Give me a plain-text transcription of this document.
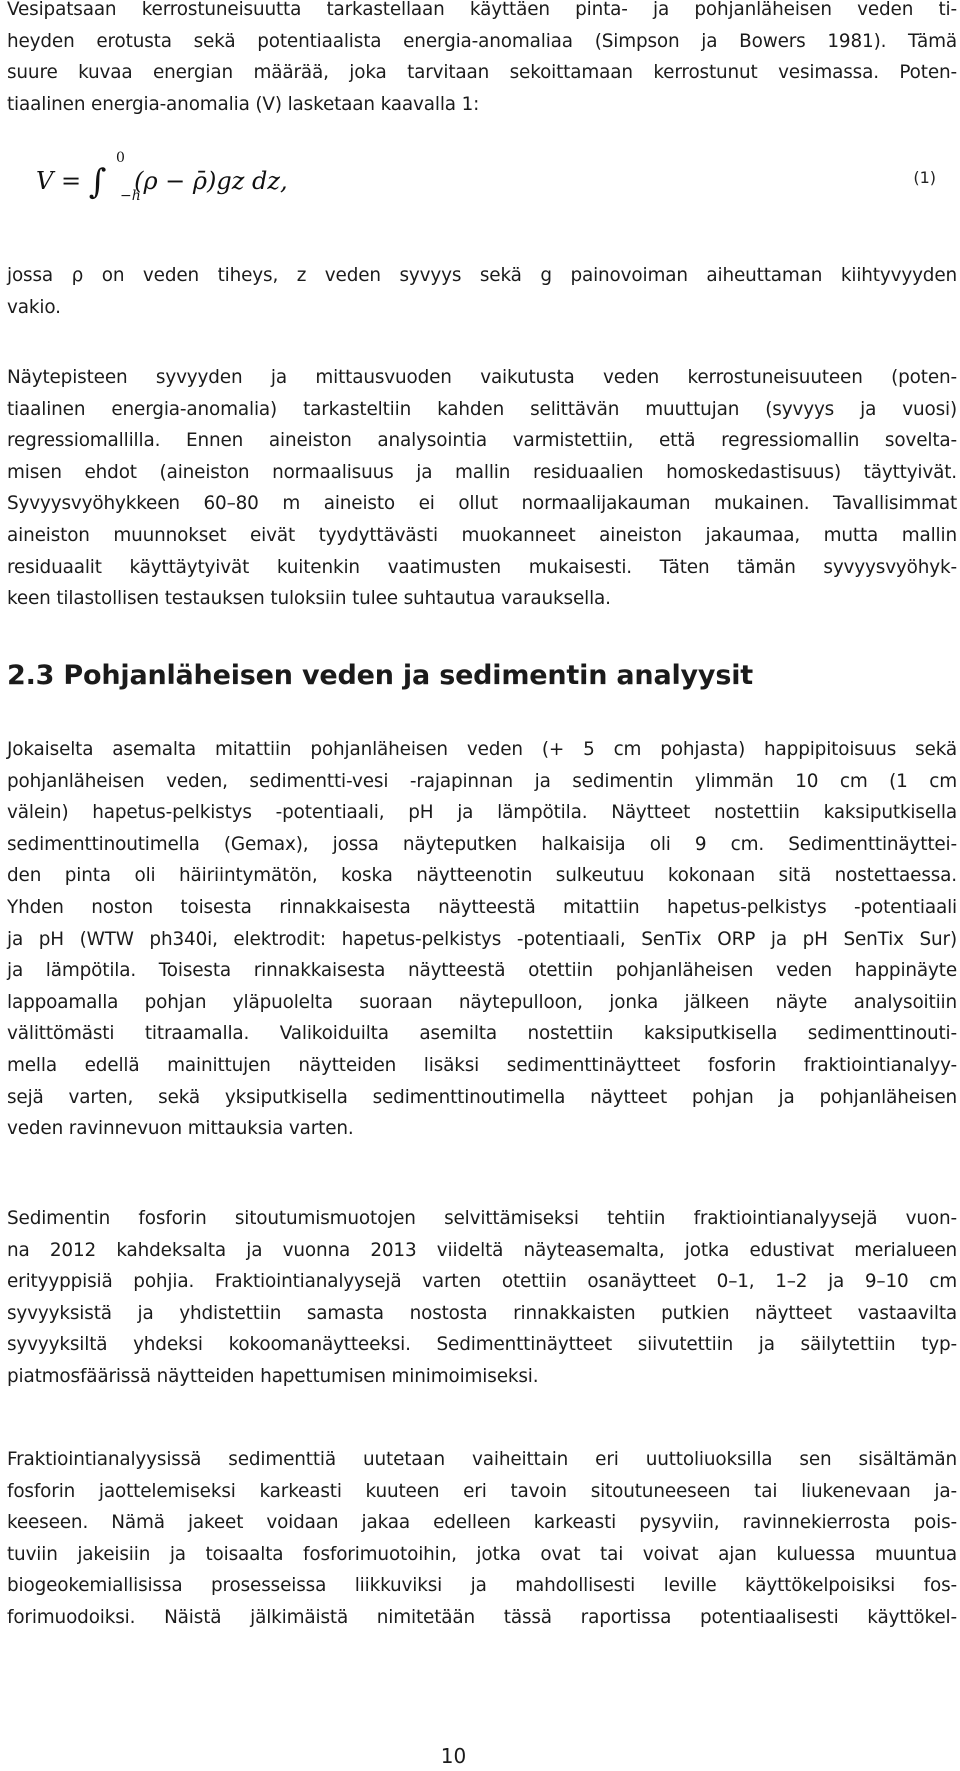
Vesipatsaan kerrostuneisuutta tarkastellaan käyttäen pinta- ja pohjanläheisen veden ti-
heyden erotusta sekä potentiaalista energia-anomaliaa (Simpson ja Bowers 1981). Tämä
suure kuvaa energian määrää, joka tarvitaan sekoittamaan kerrostunut vesimassa. Poten-
tiaalinen energia-anomalia (V) lasketaan kaavalla 1:
V = ∫
0
−h
(ρ − ρ̄)gz dz,	(1)
jossa ρ on veden tiheys, z veden syvyys sekä g painovoiman aiheuttaman kiihtyvyyden
vakio.
Näytepisteen syvyyden ja mittausvuoden vaikutusta veden kerrostuneisuuteen (poten-
tiaalinen energia-anomalia) tarkasteltiin kahden selittävän muuttujan (syvyys ja vuosi)
regressiomallilla. Ennen aineiston analysointia varmistettiin, että regressiomallin sovelta-
misen ehdot (aineiston normaalisuus ja mallin residuaalien homoskedastisuus) täyttyivät.
Syvyysvyöhykkeen 60–80 m aineisto ei ollut normaalijakauman mukainen. Tavallisimmat
aineiston muunnokset eivät tyydyttävästi muokanneet aineiston jakaumaa, mutta mallin
residuaalit käyttäytyivät kuitenkin vaatimusten mukaisesti. Täten tämän syvyysvyöhyk-
keen tilastollisen testauksen tuloksiin tulee suhtautua varauksella.
2.3 Pohjanläheisen veden ja sedimentin analyysit
Jokaiselta asemalta mitattiin pohjanläheisen veden (+ 5 cm pohjasta) happipitoisuus sekä
pohjanläheisen veden, sedimentti-vesi -rajapinnan ja sedimentin ylimmän 10 cm (1 cm
välein) hapetus-pelkistys -potentiaali, pH ja lämpötila. Näytteet nostettiin kaksiputkisella
sedimenttinoutimella (Gemax), jossa näyteputken halkaisija oli 9 cm. Sedimenttinäyttei-
den pinta oli häiriintymätön, koska näytteenotin sulkeutuu kokonaan sitä nostettaessa.
Yhden noston toisesta rinnakkaisesta näytteestä mitattiin hapetus-pelkistys -potentiaali
ja pH (WTW ph340i, elektrodit: hapetus-pelkistys -potentiaali, SenTix ORP ja pH SenTix Sur)
ja lämpötila. Toisesta rinnakkaisesta näytteestä otettiin pohjanläheisen veden happinäyte
lappoamalla pohjan yläpuolelta suoraan näytepulloon, jonka jälkeen näyte analysoitiin
välittömästi titraamalla. Valikoiduilta asemilta nostettiin kaksiputkisella sedimenttinouti-
mella edellä mainittujen näytteiden lisäksi sedimenttinäytteet fosforin fraktiointianalyy-
sejä varten, sekä yksiputkisella sedimenttinoutimella näytteet pohjan ja pohjanläheisen
veden ravinnevuon mittauksia varten.
Sedimentin fosforin sitoutumismuotojen selvittämiseksi tehtiin fraktiointianalyysejä vuon-
na 2012 kahdeksalta ja vuonna 2013 viideltä näyteasemalta, jotka edustivat merialueen
erityyppisiä pohjia. Fraktiointianalyysejä varten otettiin osanäytteet 0–1, 1–2 ja 9–10 cm
syvyyksistä ja yhdistettiin samasta nostosta rinnakkaisten putkien näytteet vastaavilta
syvyyksiltä yhdeksi kokoomanäytteeksi. Sedimenttinäytteet siivutettiin ja säilytettiin typ-
piatmosfäärissä näytteiden hapettumisen minimoimiseksi.
Fraktiointianalyysissä sedimenttiä uutetaan vaiheittain eri uuttoliuoksilla sen sisältämän
fosforin jaottelemiseksi karkeasti kuuteen eri tavoin sitoutuneeseen tai liukenevaan ja-
keeseen. Nämä jakeet voidaan jakaa edelleen karkeasti pysyviin, ravinnekierrosta pois-
tuviin jakeisiin ja toisaalta fosforimuotoihin, jotka ovat tai voivat ajan kuluessa muuntua
biogeokemiallisissa prosesseissa liikkuviksi ja mahdollisesti leville käyttökelpoisiksi fos-
forimuodoiksi. Näistä jälkimäistä nimitetään tässä raportissa potentiaalisesti käyttökel-
10
